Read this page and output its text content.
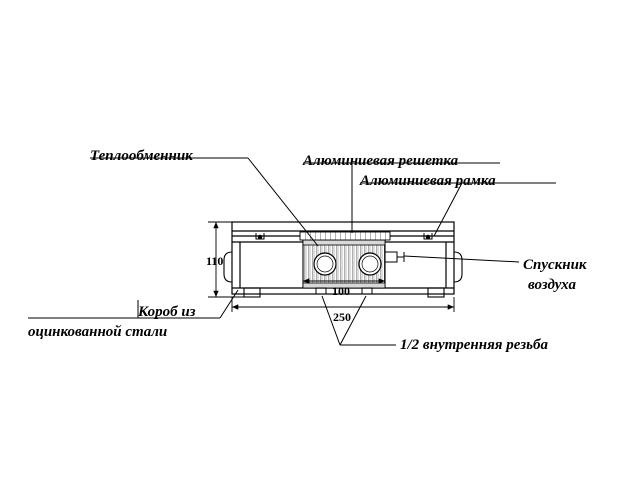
Теплообменник	Алюминиевая решетка
Алюминиевая рамка
Спускник
воздуха
Короб из
оцинкованной стали
1/2 внутренняя резьба
110
100
250
